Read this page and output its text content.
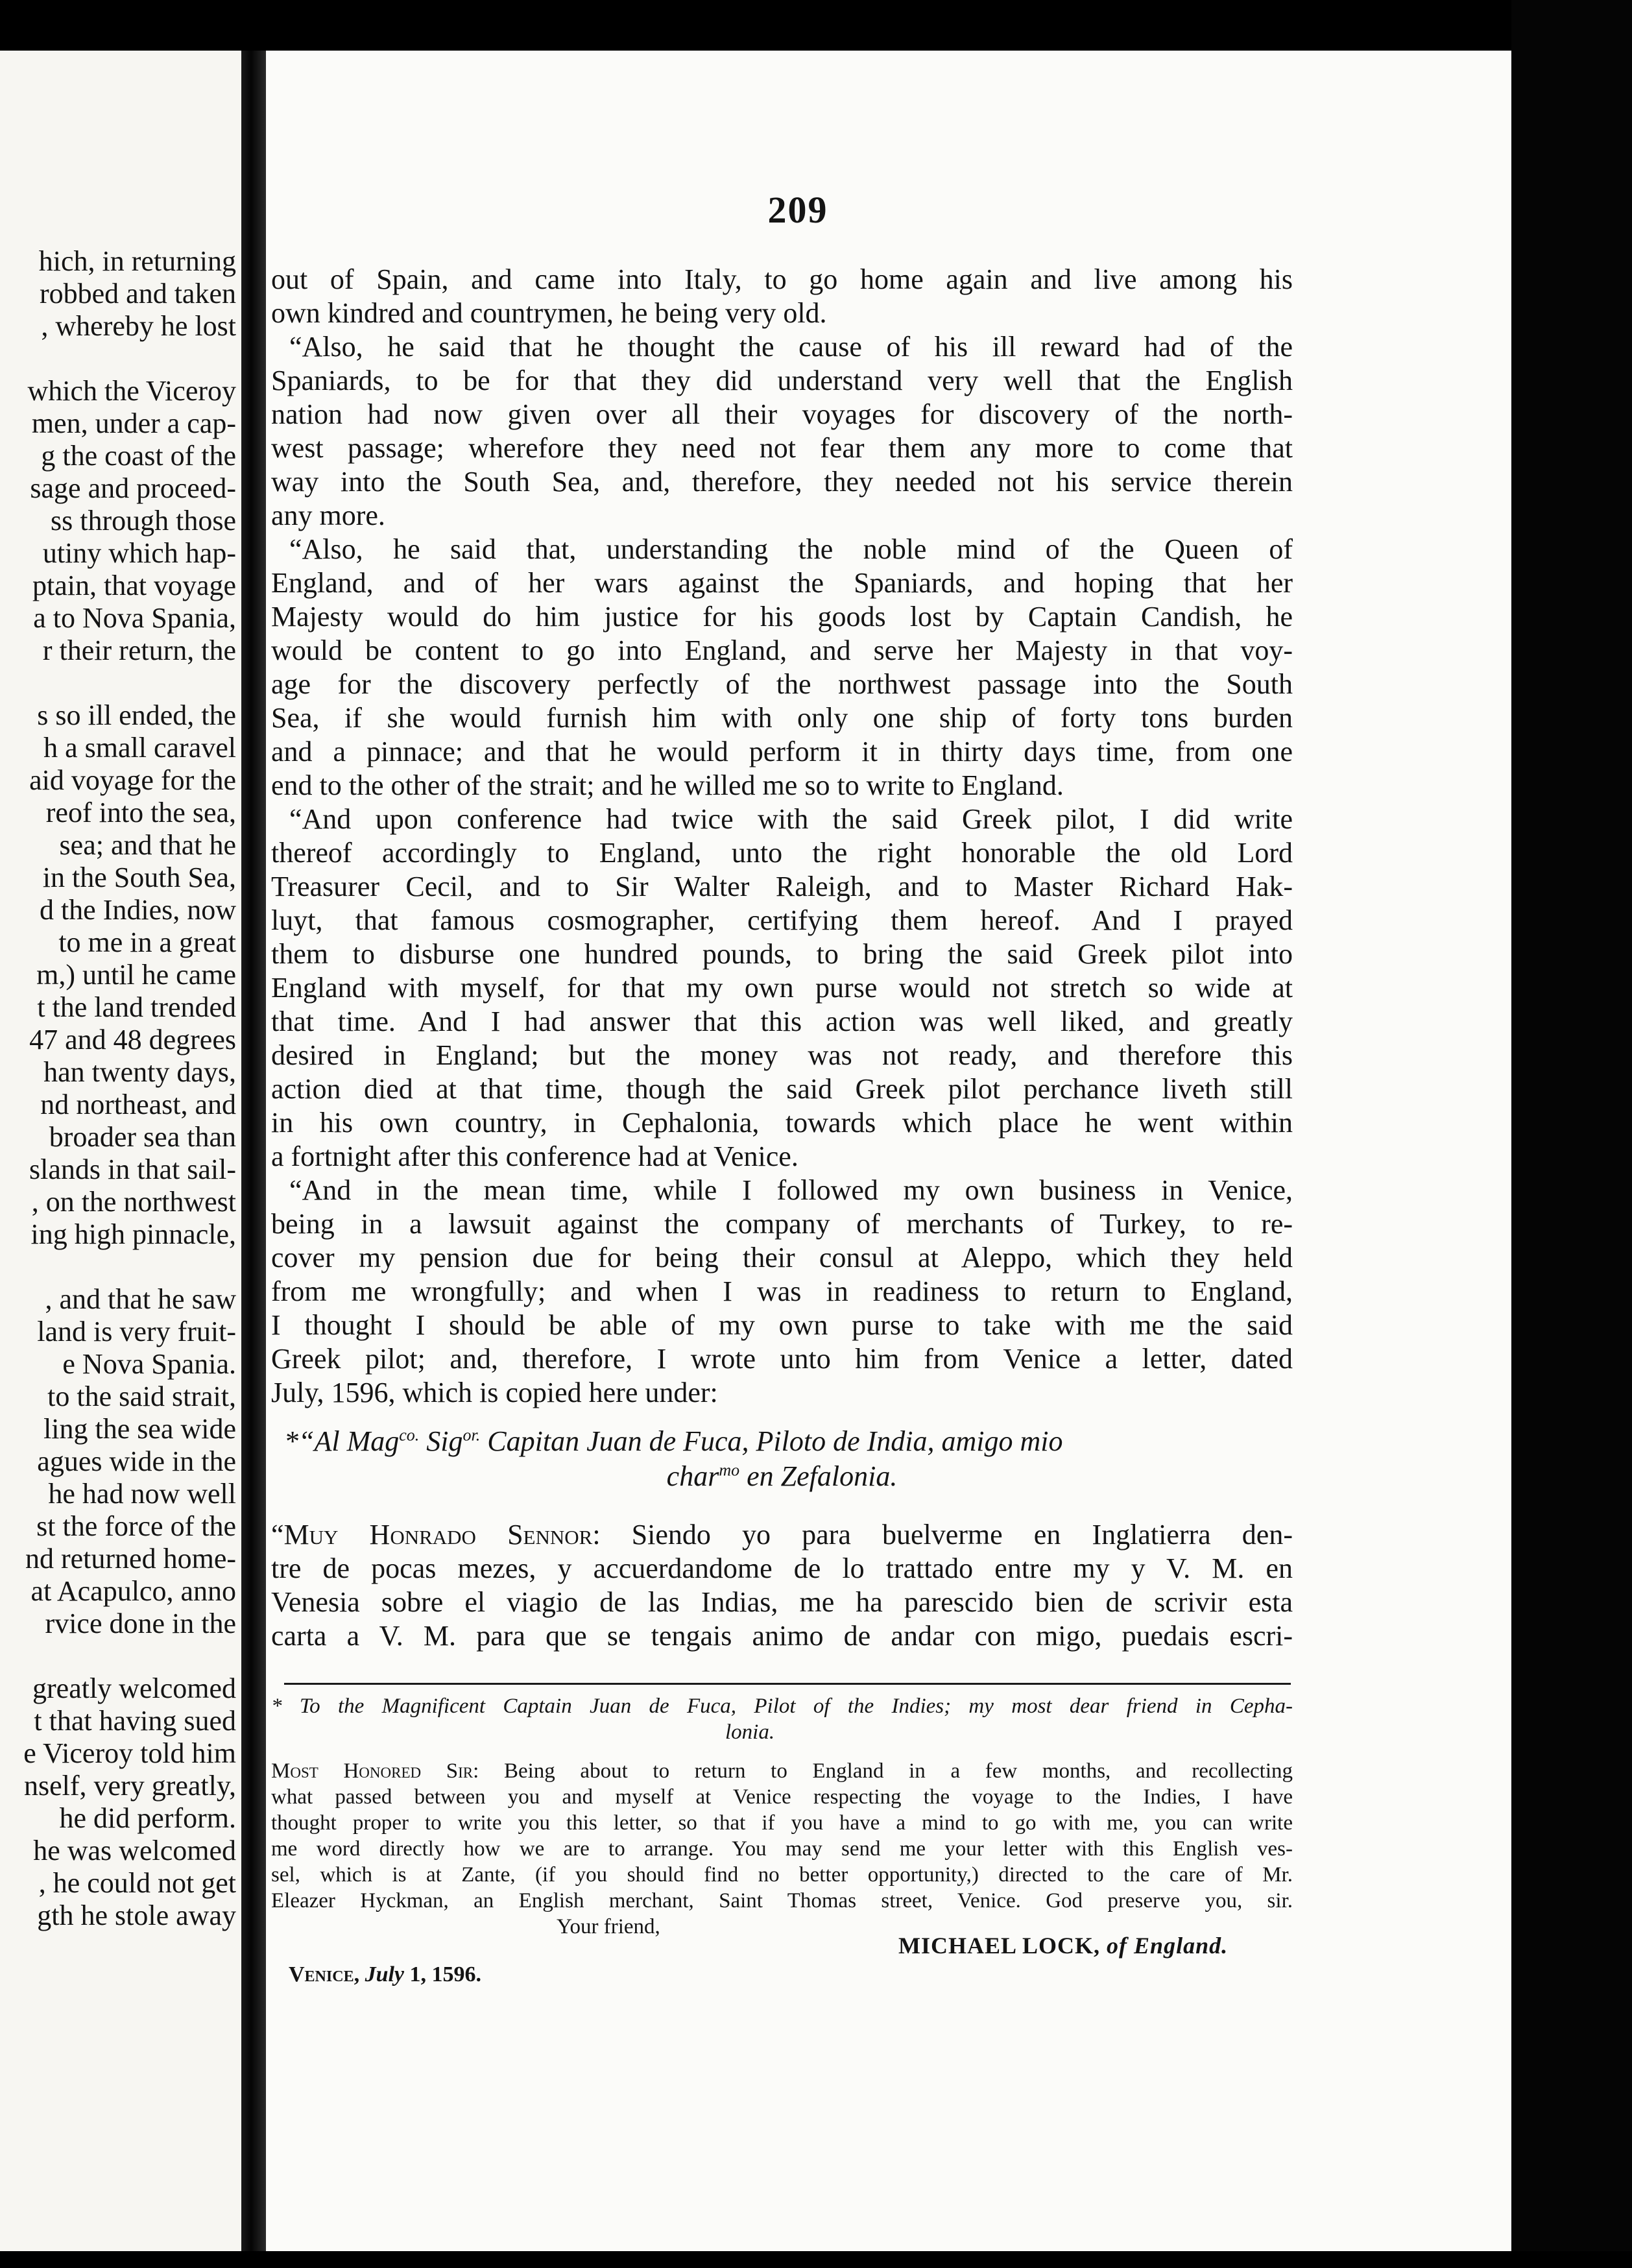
hich, in returning
robbed and taken
, whereby he lost
which the Viceroy
men, under a cap-
g the coast of the
sage and proceed-
ss through those
utiny which hap-
ptain, that voyage
a to Nova Spania,
r their return, the
s so ill ended, the
h a small caravel
aid voyage for the
reof into the sea,
sea; and that he
in the South Sea,
d the Indies, now
to me in a great
m,) until he came
t the land trended
47 and 48 degrees
han twenty days,
nd northeast, and
broader sea than
slands in that sail-
, on the northwest
ing high pinnacle,
, and that he saw
land is very fruit-
e Nova Spania.
to the said strait,
ling the sea wide
agues wide in the
he had now well
st the force of the
nd returned home-
at Acapulco, anno
rvice done in the
greatly welcomed
t that having sued
e Viceroy told him
nself, very greatly,
he did perform.
he was welcomed
, he could not get
gth he stole away
209
out of Spain, and came into Italy, to go home again and live among his
own kindred and countrymen, he being very old.
“Also, he said that he thought the cause of his ill reward had of the
Spaniards, to be for that they did understand very well that the English
nation had now given over all their voyages for discovery of the north-
west passage; wherefore they need not fear them any more to come that
way into the South Sea, and, therefore, they needed not his service therein
any more.
“Also, he said that, understanding the noble mind of the Queen of
England, and of her wars against the Spaniards, and hoping that her
Majesty would do him justice for his goods lost by Captain Candish, he
would be content to go into England, and serve her Majesty in that voy-
age for the discovery perfectly of the northwest passage into the South
Sea, if she would furnish him with only one ship of forty tons burden
and a pinnace; and that he would perform it in thirty days time, from one
end to the other of the strait; and he willed me so to write to England.
“And upon conference had twice with the said Greek pilot, I did write
thereof accordingly to England, unto the right honorable the old Lord
Treasurer Cecil, and to Sir Walter Raleigh, and to Master Richard Hak-
luyt, that famous cosmographer, certifying them hereof. And I prayed
them to disburse one hundred pounds, to bring the said Greek pilot into
England with myself, for that my own purse would not stretch so wide at
that time. And I had answer that this action was well liked, and greatly
desired in England; but the money was not ready, and therefore this
action died at that time, though the said Greek pilot perchance liveth still
in his own country, in Cephalonia, towards which place he went within
a fortnight after this conference had at Venice.
“And in the mean time, while I followed my own business in Venice,
being in a lawsuit against the company of merchants of Turkey, to re-
cover my pension due for being their consul at Aleppo, which they held
from me wrongfully; and when I was in readiness to return to England,
I thought I should be able of my own purse to take with me the said
Greek pilot; and, therefore, I wrote unto him from Venice a letter, dated
July, 1596, which is copied here under:
*“Al Mag$^{co.}$ Sig$^{or.}$ Capitan Juan de Fuca, Piloto de India, amigo mio
char$^{mo}$ en Zefalonia.
“Muy Honrado Sennor: Siendo yo para buelverme en Inglatierra den-
tre de pocas mezes, y accuerdandome de lo trattado entre my y V. M. en
Venesia sobre el viagio de las Indias, me ha parescido bien de scrivir esta
carta a V. M. para que se tengais animo de andar con migo, puedais escri-
* To the Magnificent Captain Juan de Fuca, Pilot of the Indies; my most dear friend in Cepha-
lonia.
Most Honored Sir: Being about to return to England in a few months, and recollecting
what passed between you and myself at Venice respecting the voyage to the Indies, I have
thought proper to write you this letter, so that if you have a mind to go with me, you can write
me word directly how we are to arrange. You may send me your letter with this English ves-
sel, which is at Zante, (if you should find no better opportunity,) directed to the care of Mr.
Eleazer Hyckman, an English merchant, Saint Thomas street, Venice. God preserve you, sir.
Your friend,
MICHAEL LOCK, of England.
Venice, July 1, 1596.
